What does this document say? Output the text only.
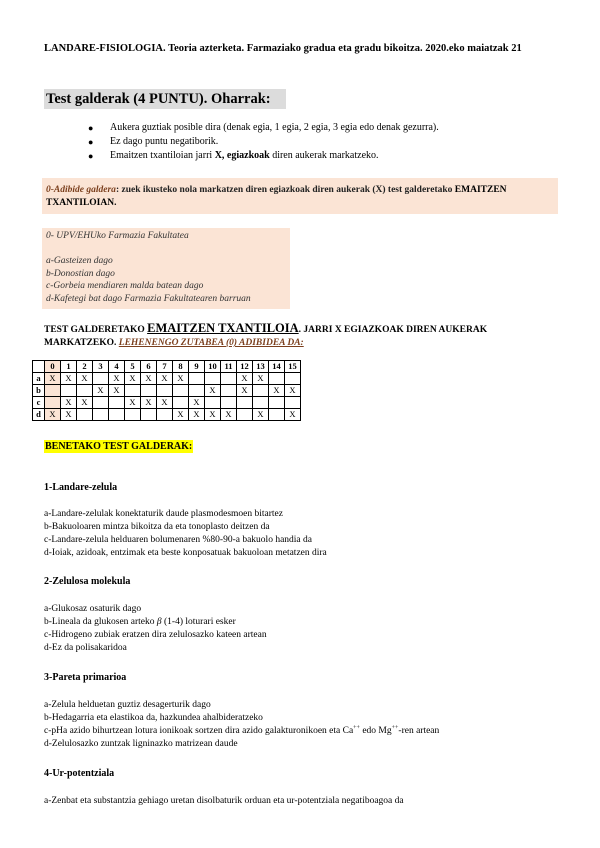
LANDARE-FISIOLOGIA. Teoria azterketa. Farmaziako gradua eta gradu bikoitza. 2020.eko maiatzak 21
Test galderak (4 PUNTU). Oharrak:
●	Aukera guztiak posible dira (denak egia, 1 egia, 2 egia, 3 egia edo denak gezurra).
●	Ez dago puntu negatiborik.
●	Emaitzen txantiloian jarri X, egiazkoak diren aukerak markatzeko.
0-Adibide galdera: zuek ikusteko nola markatzen diren egiazkoak diren aukerak (X) test galderetako EMAITZEN TXANTILOIAN.
0- UPV/EHUko Farmazia Fakultatea
a-Gasteizen dago
b-Donostian dago
c-Gorbeia mendiaren malda batean dago
d-Kafetegi bat dago Farmazia Fakultatearen barruan
TEST GALDERETAKO EMAITZEN TXANTILOIA. JARRI X EGIAZKOAK DIREN AUKERAK MARKATZEKO. LEHENENGO ZUTABEA (0) ADIBIDEA DA:
	0	1	2	3	4	5	6	7	8	9	10	11	12	13	14	15
a	X	X	X		X	X	X	X	X				X	X		
b				X	X						X		X		X	X
c		X	X			X	X	X		X						
d	X	X							X	X	X	X		X		X
BENETAKO TEST GALDERAK:
1-Landare-zelula
a-Landare-zelulak konektaturik daude plasmodesmoen bitartez
b-Bakuoloaren mintza bikoitza da eta tonoplasto deitzen da
c-Landare-zelula helduaren bolumenaren %80-90-a bakuolo handia da
d-Ioiak, azidoak, entzimak eta beste konposatuak bakuoloan metatzen dira
2-Zelulosa molekula
a-Glukosaz osaturik dago
b-Lineala da glukosen arteko β (1-4) loturari esker
c-Hidrogeno zubiak eratzen dira zelulosazko kateen artean
d-Ez da polisakaridoa
3-Pareta primarioa
a-Zelula helduetan guztiz desagerturik dago
b-Hedagarria eta elastikoa da, hazkundea ahalbideratzeko
c-pHa azido bihurtzean lotura ionikoak sortzen dira azido galakturonikoen eta Ca++ edo Mg++-ren artean
d-Zelulosazko zuntzak ligninazko matrizean daude
4-Ur-potentziala
a-Zenbat eta substantzia gehiago uretan disolbaturik orduan eta ur-potentziala negatiboagoa da
